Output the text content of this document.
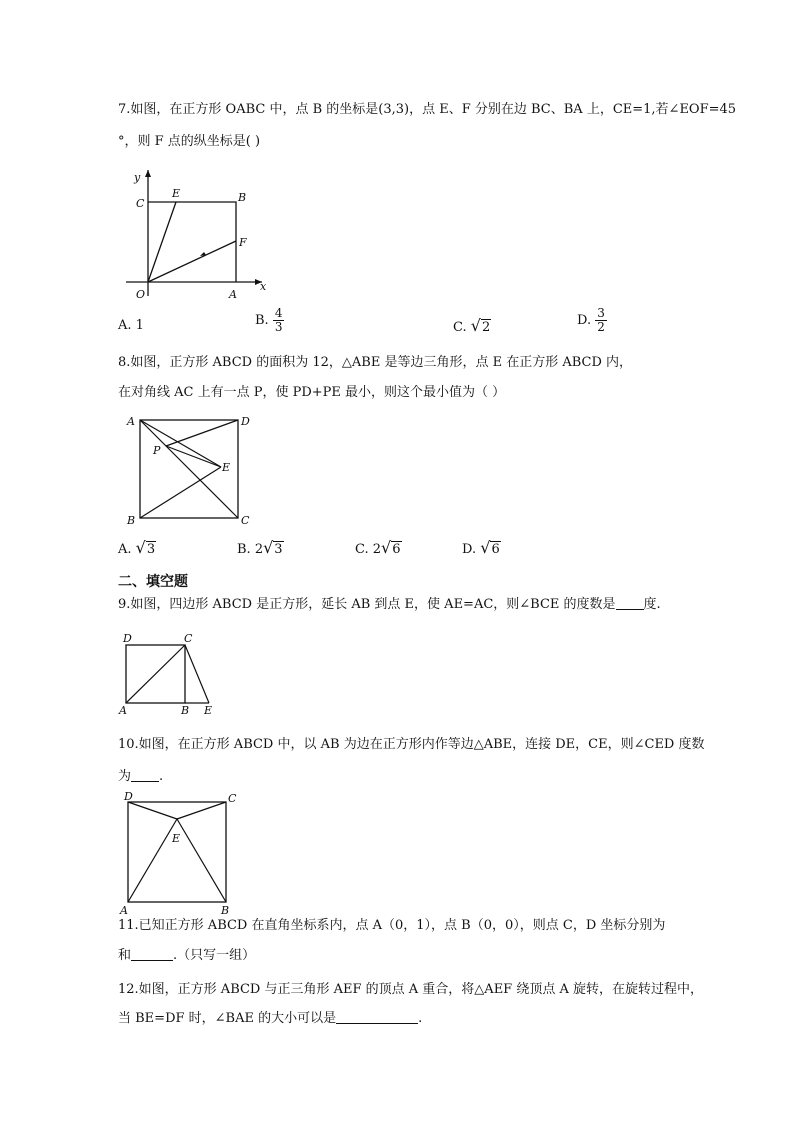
7.如图，在正方形 OABC 中，点 B 的坐标是(3,3)，点 E、F 分别在边 BC、BA 上，CE=1,若∠EOF=45
°，则 F 点的纵坐标是( )
y
x
C
E	B
F
O	A
A	D
P
E
B	C
D	C
A	B E
D	C
E
A	B
A. 1	B. $\frac{4}{3}$	C. √2	D. $\frac{3}{2}$
8.如图，正方形 ABCD 的面积为 12，△ABE 是等边三角形，点 E 在正方形 ABCD 内，
在对角线 AC 上有一点 P，使 PD+PE 最小，则这个最小值为（ ）
A. √3	B. 2√3	C. 2√6	D. √6
二、填空题
9.如图，四边形 ABCD 是正方形，延长 AB 到点 E，使 AE=AC，则∠BCE 的度数是 度.
10.如图，在正方形 ABCD 中，以 AB 为边在正方形内作等边△ABE，连接 DE，CE，则∠CED 度数
为 .
11.已知正方形 ABCD 在直角坐标系内，点 A（0，1），点 B（0，0），则点 C，D 坐标分别为
和	.（只写一组）
12.如图，正方形 ABCD 与正三角形 AEF 的顶点 A 重合，将△AEF 绕顶点 A 旋转，在旋转过程中，
当 BE=DF 时，∠BAE 的大小可以是	.
